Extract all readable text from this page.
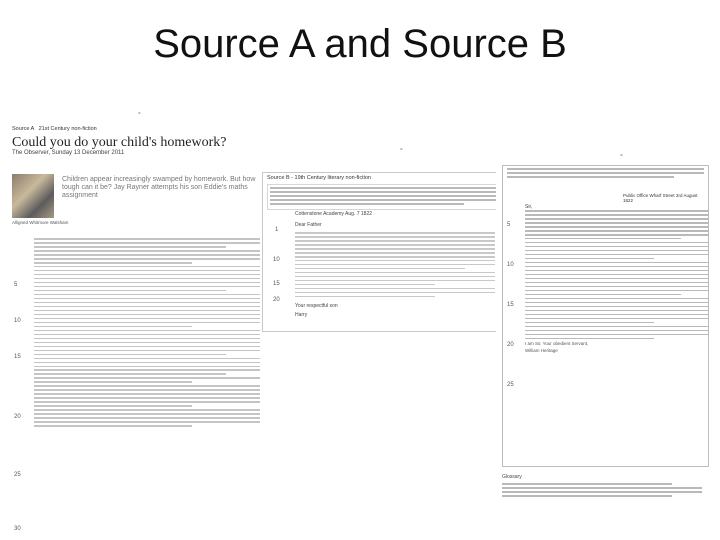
Source A and Source B
Source A 21st Century non-fiction
Could you do your child's homework?
The Observer, Sunday 13 December 2011
Alligned Whitmore Walsham
Children appear increasingly swamped by homework. But how tough can it be? Jay Rayner attempts his son Eddie's maths assignment
5
10
15
20
25
30
°
Source B - 19th Century literary non-fiction
Cottenstone Academy Aug. 7 1822
Dear Father
Your respectful son
Harry
1
10
15
20
°
°
Public Office Wharf Street 3rd August 1822
Sir,
I am Sir, Your obedient Servant,
William Heritage
5
10
15
20
25
Glossary
